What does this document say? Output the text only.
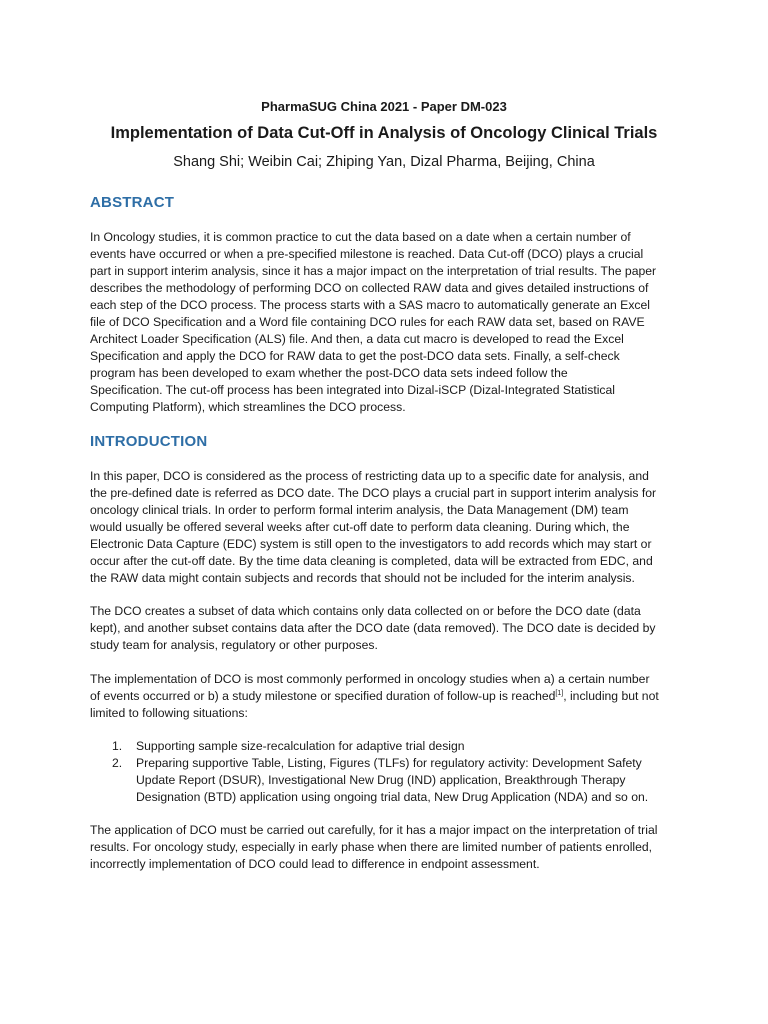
PharmaSUG China 2021 - Paper DM-023
Implementation of Data Cut-Off in Analysis of Oncology Clinical Trials
Shang Shi; Weibin Cai; Zhiping Yan, Dizal Pharma, Beijing, China
ABSTRACT

In Oncology studies, it is common practice to cut the data based on a date when a certain number of
events have occurred or when a pre-specified milestone is reached. Data Cut-off (DCO) plays a crucial
part in support interim analysis, since it has a major impact on the interpretation of trial results. The paper
describes the methodology of performing DCO on collected RAW data and gives detailed instructions of
each step of the DCO process. The process starts with a SAS macro to automatically generate an Excel
file of DCO Specification and a Word file containing DCO rules for each RAW data set, based on RAVE
Architect Loader Specification (ALS) file. And then, a data cut macro is developed to read the Excel
Specification and apply the DCO for RAW data to get the post-DCO data sets. Finally, a self-check
program has been developed to exam whether the post-DCO data sets indeed follow the
Specification. The cut-off process has been integrated into Dizal-iSCP (Dizal-Integrated Statistical
Computing Platform), which streamlines the DCO process.

INTRODUCTION

In this paper, DCO is considered as the process of restricting data up to a specific date for analysis, and
the pre-defined date is referred as DCO date. The DCO plays a crucial part in support interim analysis for
oncology clinical trials. In order to perform formal interim analysis, the Data Management (DM) team
would usually be offered several weeks after cut-off date to perform data cleaning. During which, the
Electronic Data Capture (EDC) system is still open to the investigators to add records which may start or
occur after the cut-off date. By the time data cleaning is completed, data will be extracted from EDC, and
the RAW data might contain subjects and records that should not be included for the interim analysis.

The DCO creates a subset of data which contains only data collected on or before the DCO date (data
kept), and another subset contains data after the DCO date (data removed). The DCO date is decided by
study team for analysis, regulatory or other purposes.

The implementation of DCO is most commonly performed in oncology studies when a) a certain number
of events occurred or b) a study milestone or specified duration of follow-up is reached[1], including but not
limited to following situations:

1. Supporting sample size-recalculation for adaptive trial design
2. Preparing supportive Table, Listing, Figures (TLFs) for regulatory activity: Development Safety
Update Report (DSUR), Investigational New Drug (IND) application, Breakthrough Therapy
Designation (BTD) application using ongoing trial data, New Drug Application (NDA) and so on.

The application of DCO must be carried out carefully, for it has a major impact on the interpretation of trial
results. For oncology study, especially in early phase when there are limited number of patients enrolled,
incorrectly implementation of DCO could lead to difference in endpoint assessment.
